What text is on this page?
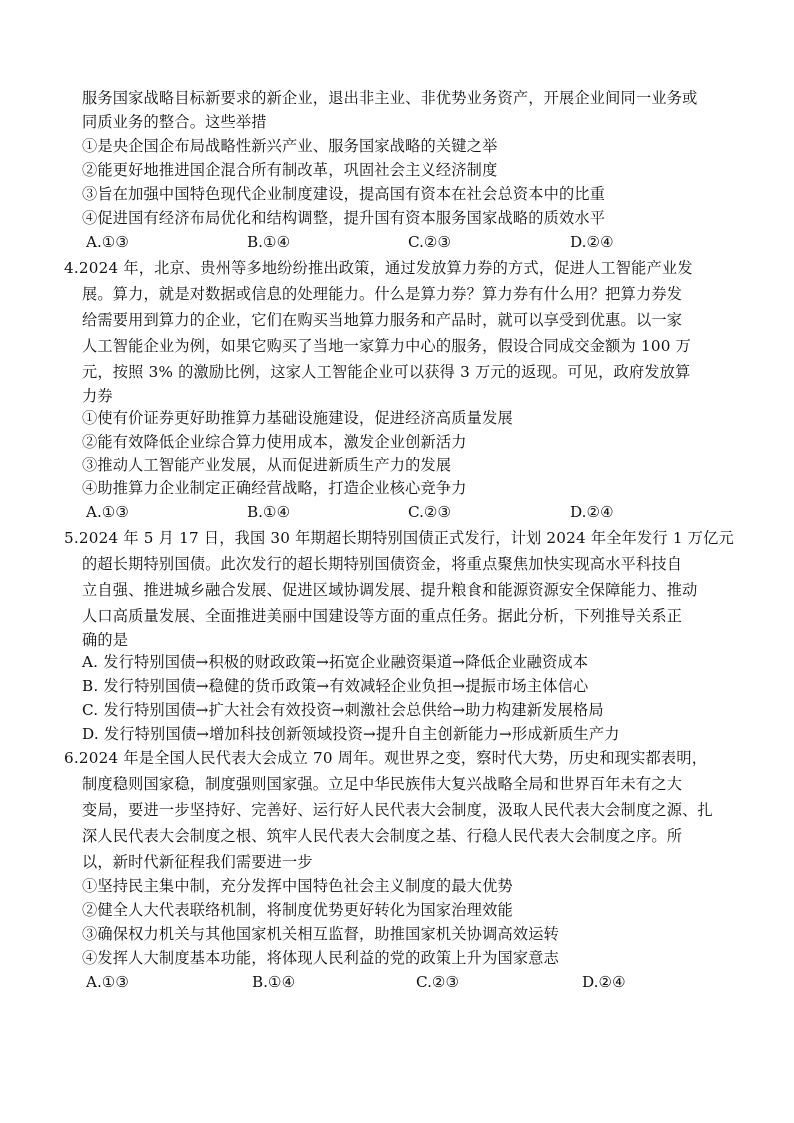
服务国家战略目标新要求的新企业，退出非主业、非优势业务资产，开展企业间同一业务或
同质业务的整合。这些举措
①是央企国企布局战略性新兴产业、服务国家战略的关键之举
②能更好地推进国企混合所有制改革，巩固社会主义经济制度
③旨在加强中国特色现代企业制度建设，提高国有资本在社会总资本中的比重
④促进国有经济布局优化和结构调整，提升国有资本服务国家战略的质效水平
A.①③	B.①④	C.②③	D.②④
4.2024 年，北京、贵州等多地纷纷推出政策，通过发放算力券的方式，促进人工智能产业发
展。算力，就是对数据或信息的处理能力。什么是算力券？算力券有什么用？把算力券发
给需要用到算力的企业，它们在购买当地算力服务和产品时，就可以享受到优惠。以一家
人工智能企业为例，如果它购买了当地一家算力中心的服务，假设合同成交金额为 100 万
元，按照 3% 的激励比例，这家人工智能企业可以获得 3 万元的返现。可见，政府发放算
力券
①使有价证券更好助推算力基础设施建设，促进经济高质量发展
②能有效降低企业综合算力使用成本，激发企业创新活力
③推动人工智能产业发展，从而促进新质生产力的发展
④助推算力企业制定正确经营战略，打造企业核心竞争力
A.①③	B.①④	C.②③	D.②④
5.2024 年 5 月 17 日，我国 30 年期超长期特别国债正式发行，计划 2024 年全年发行 1 万亿元
的超长期特别国债。此次发行的超长期特别国债资金，将重点聚焦加快实现高水平科技自
立自强、推进城乡融合发展、促进区域协调发展、提升粮食和能源资源安全保障能力、推动
人口高质量发展、全面推进美丽中国建设等方面的重点任务。据此分析，下列推导关系正
确的是
A. 发行特别国债→积极的财政政策→拓宽企业融资渠道→降低企业融资成本
B. 发行特别国债→稳健的货币政策→有效减轻企业负担→提振市场主体信心
C. 发行特别国债→扩大社会有效投资→刺激社会总供给→助力构建新发展格局
D. 发行特别国债→增加科技创新领域投资→提升自主创新能力→形成新质生产力
6.2024 年是全国人民代表大会成立 70 周年。观世界之变，察时代大势，历史和现实都表明，
制度稳则国家稳，制度强则国家强。立足中华民族伟大复兴战略全局和世界百年未有之大
变局，要进一步坚持好、完善好、运行好人民代表大会制度，汲取人民代表大会制度之源、扎
深人民代表大会制度之根、筑牢人民代表大会制度之基、行稳人民代表大会制度之序。所
以，新时代新征程我们需要进一步
①坚持民主集中制，充分发挥中国特色社会主义制度的最大优势
②健全人大代表联络机制，将制度优势更好转化为国家治理效能
③确保权力机关与其他国家机关相互监督，助推国家机关协调高效运转
④发挥人大制度基本功能，将体现人民利益的党的政策上升为国家意志
A.①③	B.①④	C.②③	D.②④
